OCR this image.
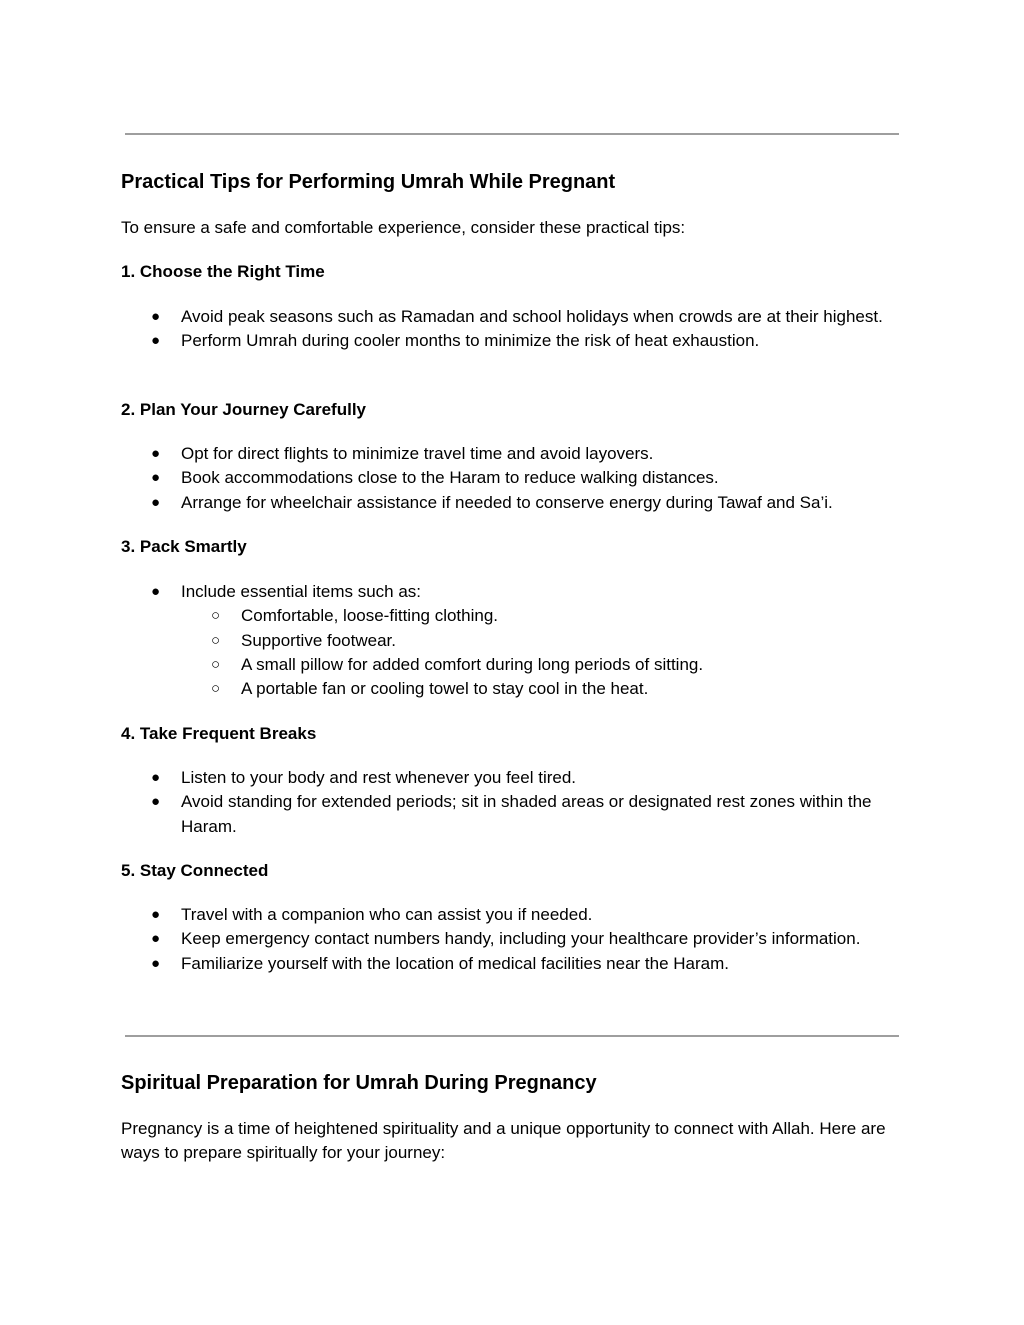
Practical Tips for Performing Umrah While Pregnant

To ensure a safe and comfortable experience, consider these practical tips:

1. Choose the Right Time
●	Avoid peak seasons such as Ramadan and school holidays when crowds are at their highest.
●	Perform Umrah during cooler months to minimize the risk of heat exhaustion.
2. Plan Your Journey Carefully
●	Opt for direct flights to minimize travel time and avoid layovers.
●	Book accommodations close to the Haram to reduce walking distances.
●	Arrange for wheelchair assistance if needed to conserve energy during Tawaf and Sa’i.
3. Pack Smartly
●	Include essential items such as:
○	Comfortable, loose-fitting clothing.
○	Supportive footwear.
○	A small pillow for added comfort during long periods of sitting.
○	A portable fan or cooling towel to stay cool in the heat.
4. Take Frequent Breaks
●	Listen to your body and rest whenever you feel tired.
●	Avoid standing for extended periods; sit in shaded areas or designated rest zones within the Haram.
5. Stay Connected
●	Travel with a companion who can assist you if needed.
●	Keep emergency contact numbers handy, including your healthcare provider’s information.
●	Familiarize yourself with the location of medical facilities near the Haram.
Spiritual Preparation for Umrah During Pregnancy

Pregnancy is a time of heightened spirituality and a unique opportunity to connect with Allah. Here are ways to prepare spiritually for your journey:
